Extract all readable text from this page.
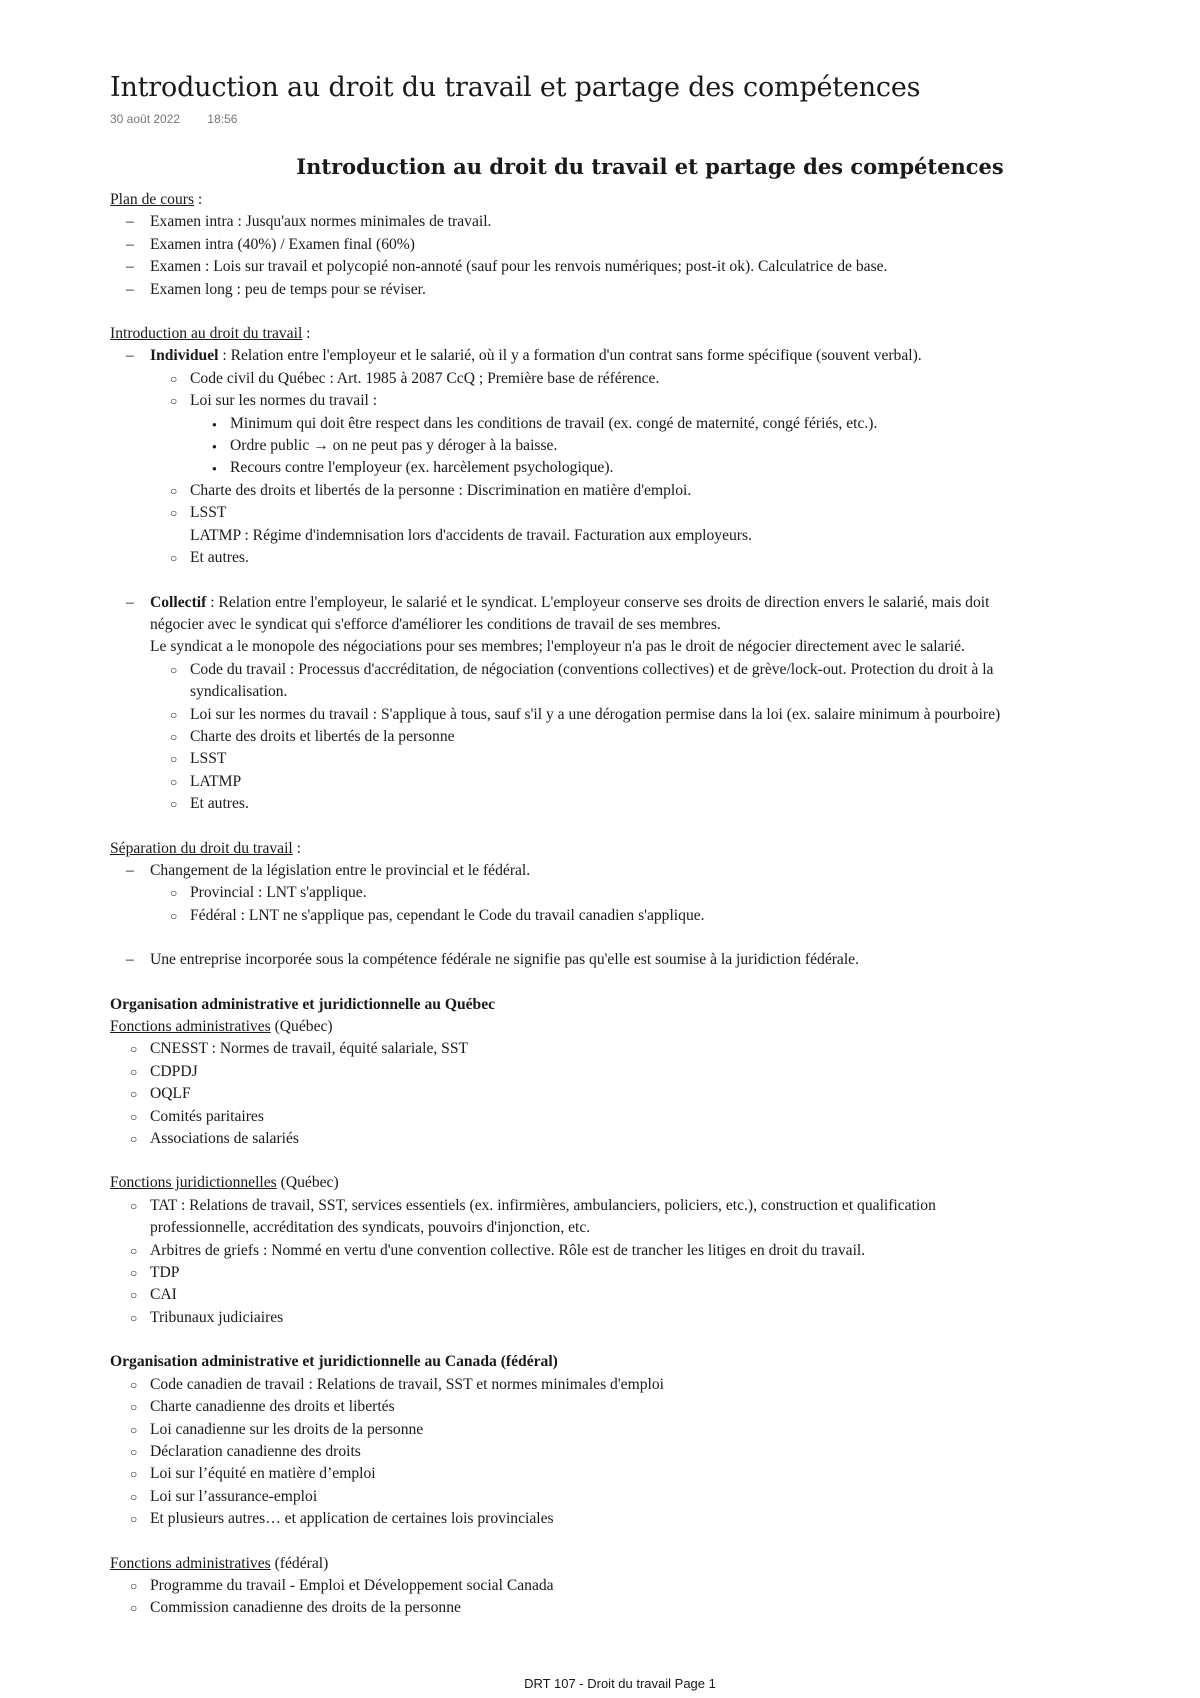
Introduction au droit du travail et partage des compétences
30 août 2022 18:56
Introduction au droit du travail et partage des compétences
Plan de cours :
– Examen intra : Jusqu'aux normes minimales de travail.
– Examen intra (40%) / Examen final (60%)
– Examen : Lois sur travail et polycopié non-annoté (sauf pour les renvois numériques; post-it ok). Calculatrice de base.
– Examen long : peu de temps pour se réviser.
Introduction au droit du travail :
– Individuel : Relation entre l'employeur et le salarié, où il y a formation d'un contrat sans forme spécifique (souvent verbal).
○ Code civil du Québec : Art. 1985 à 2087 CcQ ; Première base de référence.
○ Loi sur les normes du travail :
● Minimum qui doit être respect dans les conditions de travail (ex. congé de maternité, congé fériés, etc.).
● Ordre public → on ne peut pas y déroger à la baisse.
● Recours contre l'employeur (ex. harcèlement psychologique).
○ Charte des droits et libertés de la personne : Discrimination en matière d'emploi.
○ LSST
LATMP : Régime d'indemnisation lors d'accidents de travail. Facturation aux employeurs.
○ Et autres.
– Collectif : Relation entre l'employeur, le salarié et le syndicat. L'employeur conserve ses droits de direction envers le salarié, mais doit
négocier avec le syndicat qui s'efforce d'améliorer les conditions de travail de ses membres.
Le syndicat a le monopole des négociations pour ses membres; l'employeur n'a pas le droit de négocier directement avec le salarié.
○ Code du travail : Processus d'accréditation, de négociation (conventions collectives) et de grève/lock-out. Protection du droit à la
syndicalisation.
○ Loi sur les normes du travail : S'applique à tous, sauf s'il y a une dérogation permise dans la loi (ex. salaire minimum à pourboire)
○ Charte des droits et libertés de la personne
○ LSST
○ LATMP
○ Et autres.
Séparation du droit du travail :
– Changement de la législation entre le provincial et le fédéral.
○ Provincial : LNT s'applique.
○ Fédéral : LNT ne s'applique pas, cependant le Code du travail canadien s'applique.
– Une entreprise incorporée sous la compétence fédérale ne signifie pas qu'elle est soumise à la juridiction fédérale.
Organisation administrative et juridictionnelle au Québec
Fonctions administratives (Québec)
○ CNESST : Normes de travail, équité salariale, SST
○ CDPDJ
○ OQLF
○ Comités paritaires
○ Associations de salariés
Fonctions juridictionnelles (Québec)
○ TAT : Relations de travail, SST, services essentiels (ex. infirmières, ambulanciers, policiers, etc.), construction et qualification
professionnelle, accréditation des syndicats, pouvoirs d'injonction, etc.
○ Arbitres de griefs : Nommé en vertu d'une convention collective. Rôle est de trancher les litiges en droit du travail.
○ TDP
○ CAI
○ Tribunaux judiciaires
Organisation administrative et juridictionnelle au Canada (fédéral)
○ Code canadien de travail : Relations de travail, SST et normes minimales d'emploi
○ Charte canadienne des droits et libertés
○ Loi canadienne sur les droits de la personne
○ Déclaration canadienne des droits
○ Loi sur l’équité en matière d’emploi
○ Loi sur l’assurance-emploi
○ Et plusieurs autres… et application de certaines lois provinciales
Fonctions administratives (fédéral)
○ Programme du travail - Emploi et Développement social Canada
○ Commission canadienne des droits de la personne
DRT 107 - Droit du travail Page 1
